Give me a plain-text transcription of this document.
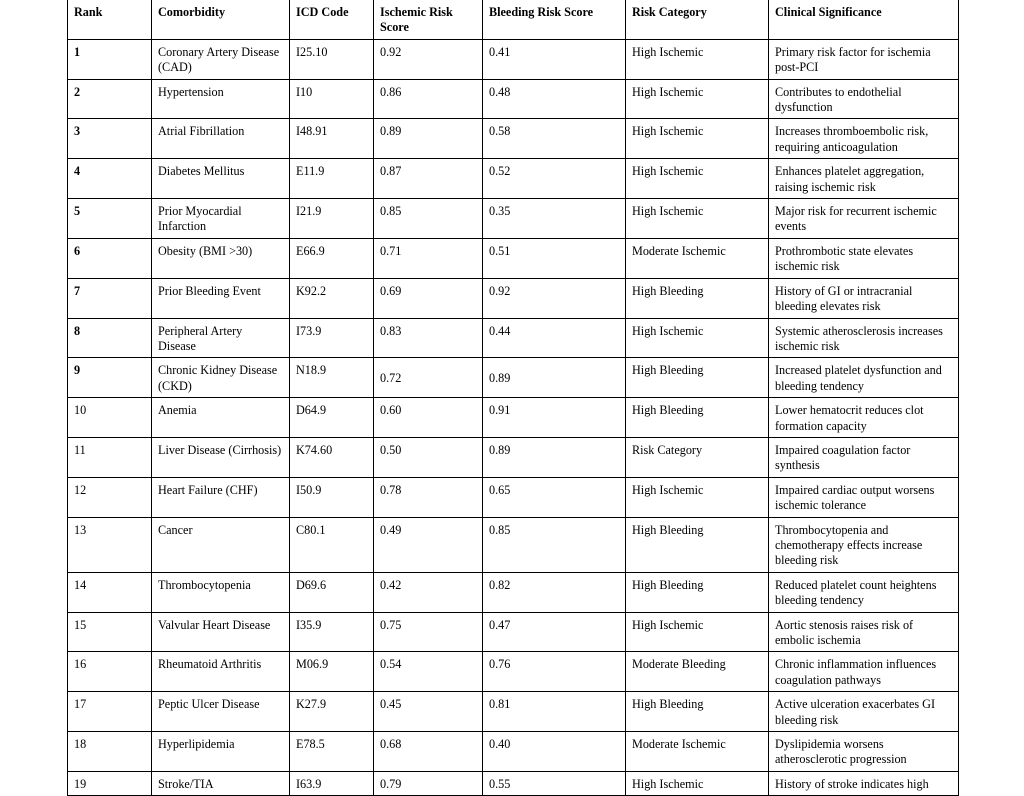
Rank	Comorbidity	ICD Code	Ischemic Risk Score	Bleeding Risk Score	Risk Category	Clinical Significance
1	Coronary Artery Disease (CAD)	I25.10	0.92	0.41	High Ischemic	Primary risk factor for ischemia post-PCI
2	Hypertension	I10	0.86	0.48	High Ischemic	Contributes to endothelial dysfunction
3	Atrial Fibrillation	I48.91	0.89	0.58	High Ischemic	Increases thromboembolic risk, requiring anticoagulation
4	Diabetes Mellitus	E11.9	0.87	0.52	High Ischemic	Enhances platelet aggregation, raising ischemic risk
5	Prior Myocardial Infarction	I21.9	0.85	0.35	High Ischemic	Major risk for recurrent ischemic events
6	Obesity (BMI >30)	E66.9	0.71	0.51	Moderate Ischemic	Prothrombotic state elevates ischemic risk
7	Prior Bleeding Event	K92.2	0.69	0.92	High Bleeding	History of GI or intracranial bleeding elevates risk
8	Peripheral Artery Disease	I73.9	0.83	0.44	High Ischemic	Systemic atherosclerosis increases ischemic risk
9	Chronic Kidney Disease (CKD)	N18.9	0.72	0.89	High Bleeding	Increased platelet dysfunction and bleeding tendency
10	Anemia	D64.9	0.60	0.91	High Bleeding	Lower hematocrit reduces clot formation capacity
11	Liver Disease (Cirrhosis)	K74.60	0.50	0.89	Risk Category	Impaired coagulation factor synthesis
12	Heart Failure (CHF)	I50.9	0.78	0.65	High Ischemic	Impaired cardiac output worsens ischemic tolerance
13	Cancer	C80.1	0.49	0.85	High Bleeding	Thrombocytopenia and chemotherapy effects increase bleeding risk
14	Thrombocytopenia	D69.6	0.42	0.82	High Bleeding	Reduced platelet count heightens bleeding tendency
15	Valvular Heart Disease	I35.9	0.75	0.47	High Ischemic	Aortic stenosis raises risk of embolic ischemia
16	Rheumatoid Arthritis	M06.9	0.54	0.76	Moderate Bleeding	Chronic inflammation influences coagulation pathways
17	Peptic Ulcer Disease	K27.9	0.45	0.81	High Bleeding	Active ulceration exacerbates GI bleeding risk
18	Hyperlipidemia	E78.5	0.68	0.40	Moderate Ischemic	Dyslipidemia worsens atherosclerotic progression
19	Stroke/TIA	I63.9	0.79	0.55	High Ischemic	History of stroke indicates high
